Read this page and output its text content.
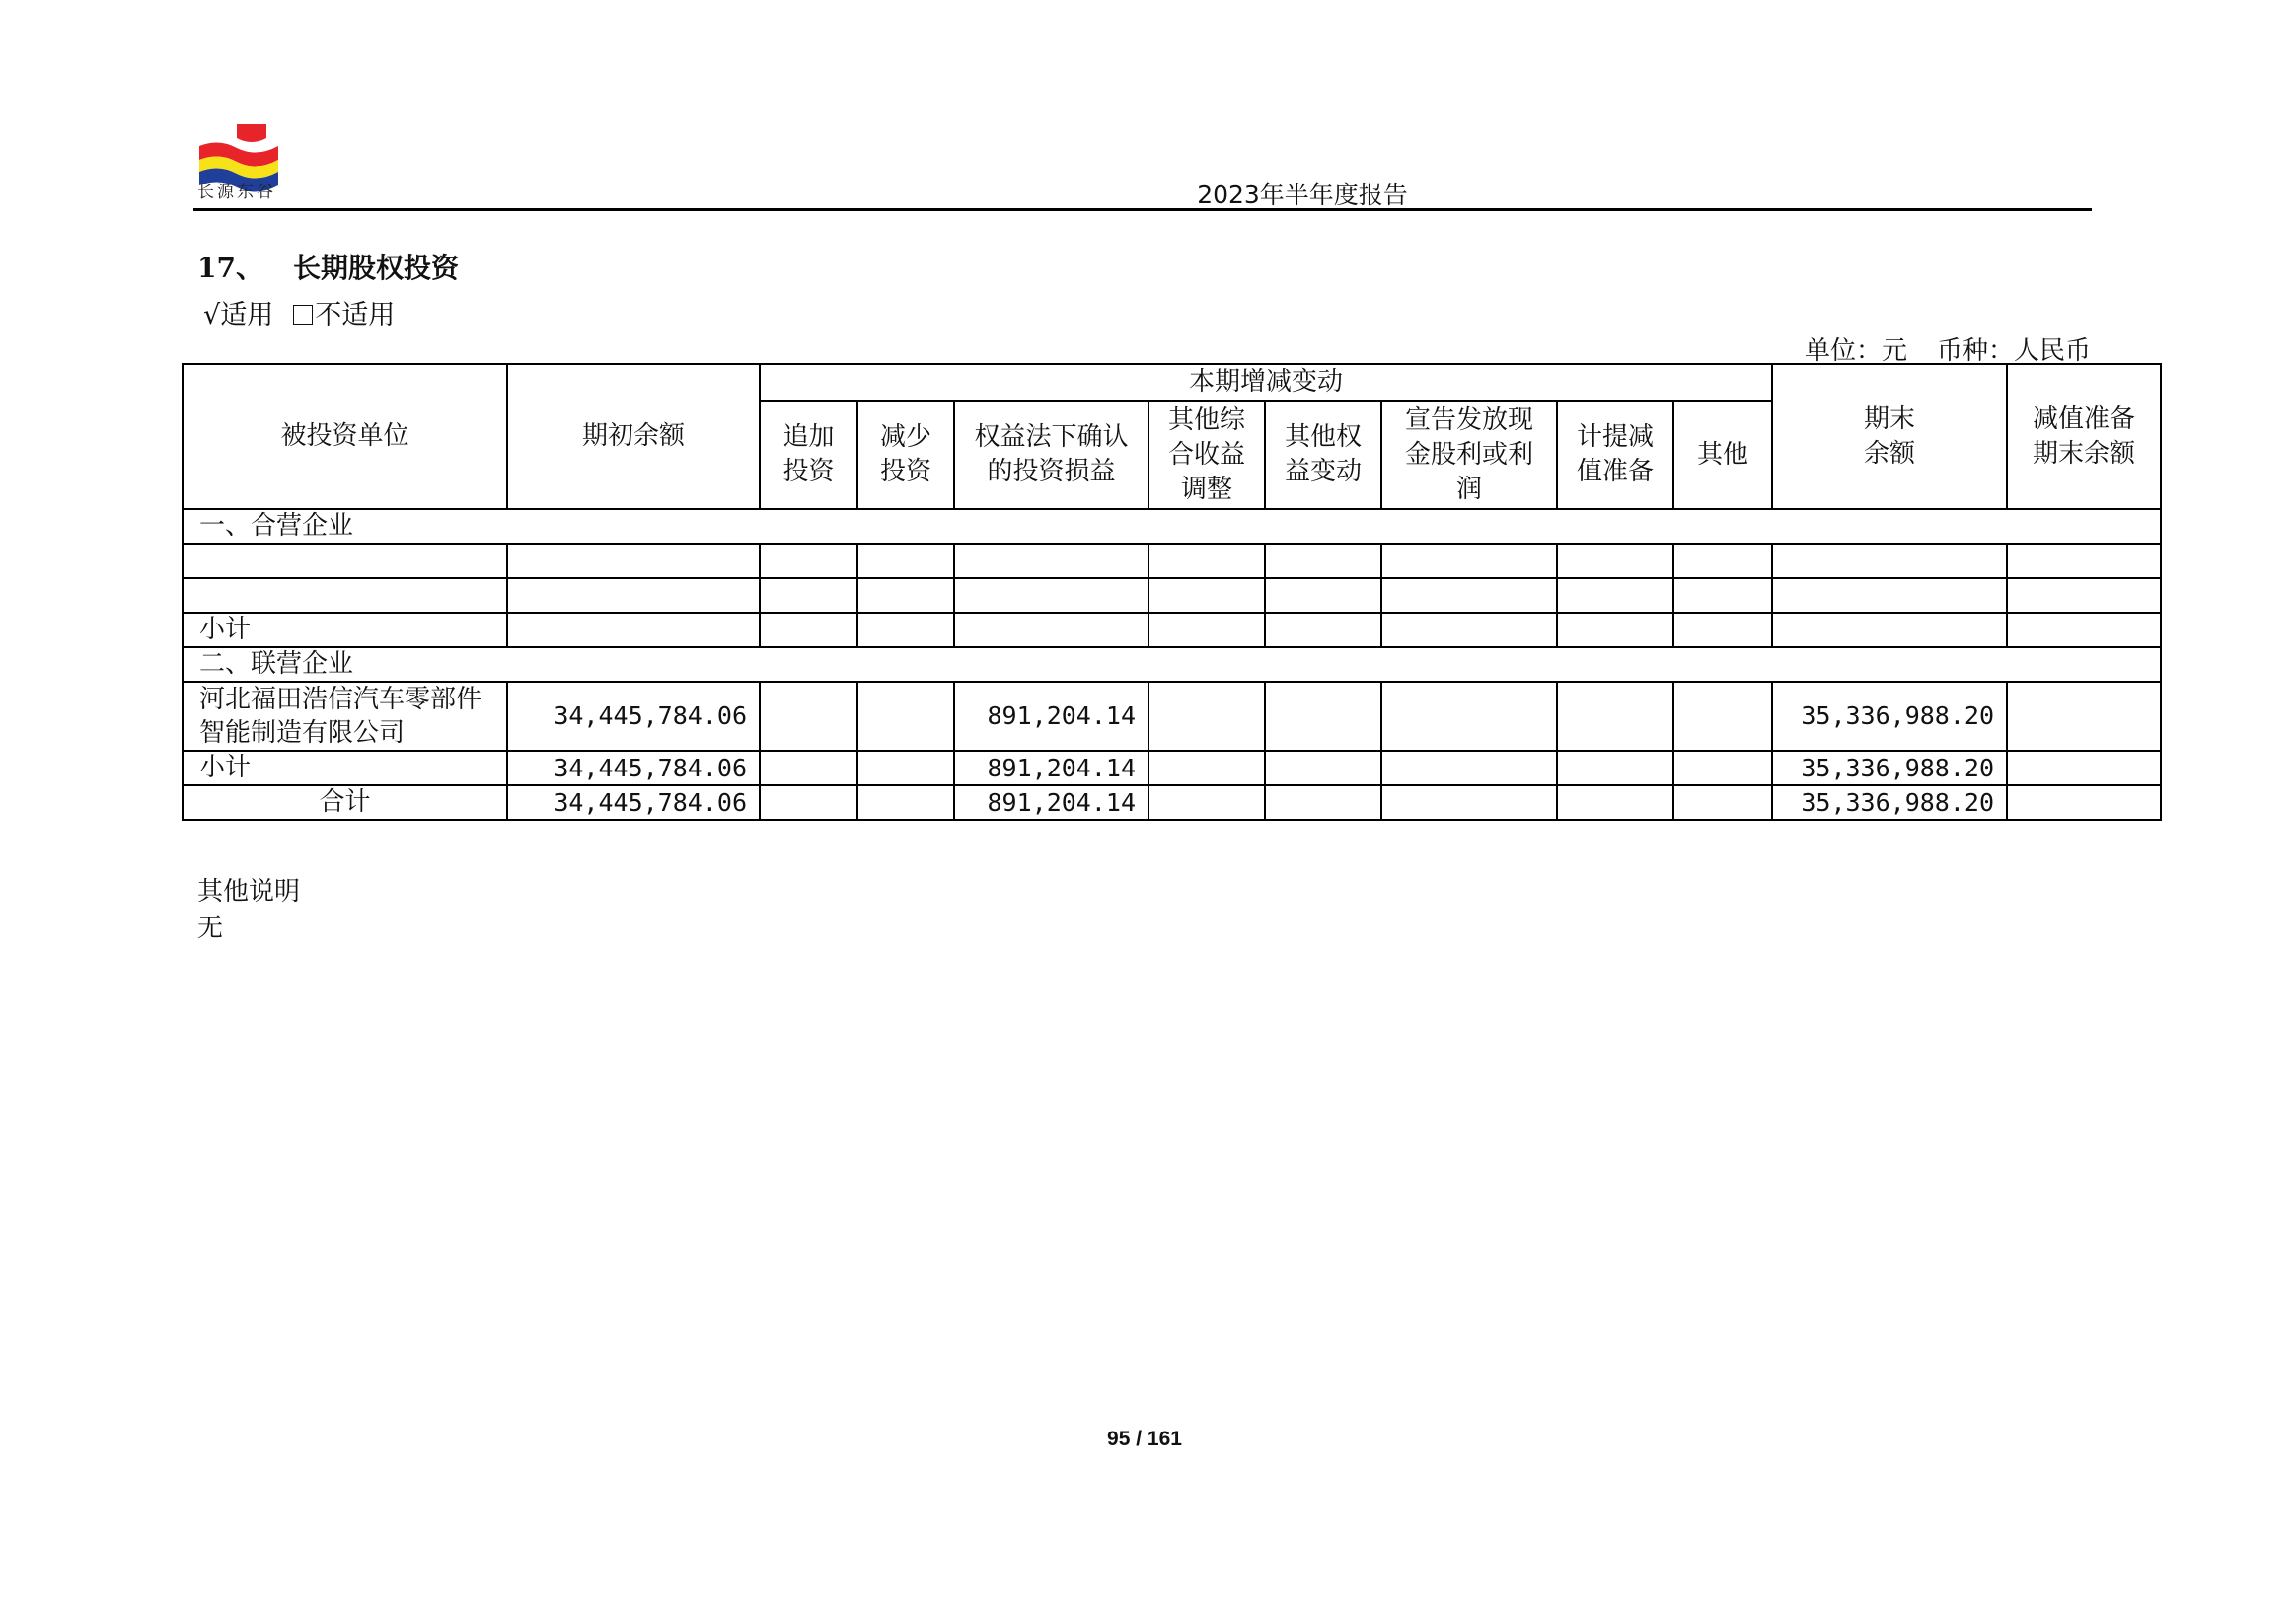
长源东谷	2023年半年度报告
17、 长期股权投资
√适用 不适用
单位：元 币种：人民币
被投资单位	期初余额	本期增减变动								期末余额	减值准备期末余额

		追加投资	减少投资	权益法下确认的投资损益	其他综合收益调整	其他权益变动	宣告发放现金股利或利润	计提减值准备	其他		
一、合营企业											

小计											
二、联营企业											
河北福田浩信汽车零部件智能制造有限公司	34,445,784.06			891,204.14						35,336,988.20	
小计	34,445,784.06			891,204.14						35,336,988.20	
合计	34,445,784.06			891,204.14						35,336,988.20	
其他说明
无
95 / 161
